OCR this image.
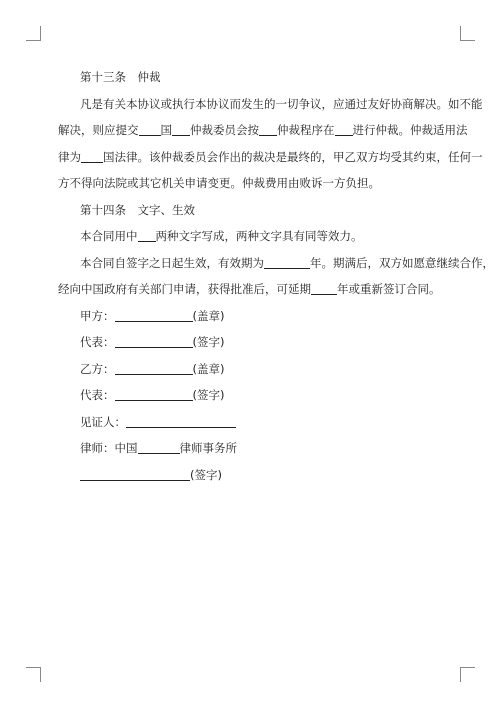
第十三条　仲裁
凡是有关本协议或执行本协议而发生的一切争议，应通过友好协商解决。如不能
解决，则应提交 国 仲裁委员会按 仲裁程序在 进行仲裁。仲裁适用法
律为 国法律。该仲裁委员会作出的裁决是最终的，甲乙双方均受其约束，任何一
方不得向法院或其它机关申请变更。仲裁费用由败诉一方负担。
第十四条　文字、生效
本合同用中 两种文字写成，两种文字具有同等效力。
本合同自签字之日起生效，有效期为	年。期满后，双方如愿意继续合作，
经向中国政府有关部门申请，获得批准后，可延期 年或重新签订合同。
甲方：	(盖章)
代表：	(签字)
乙方：	(盖章)
代表：	(签字)
见证人：
律师：中国	律师事务所
(签字)
